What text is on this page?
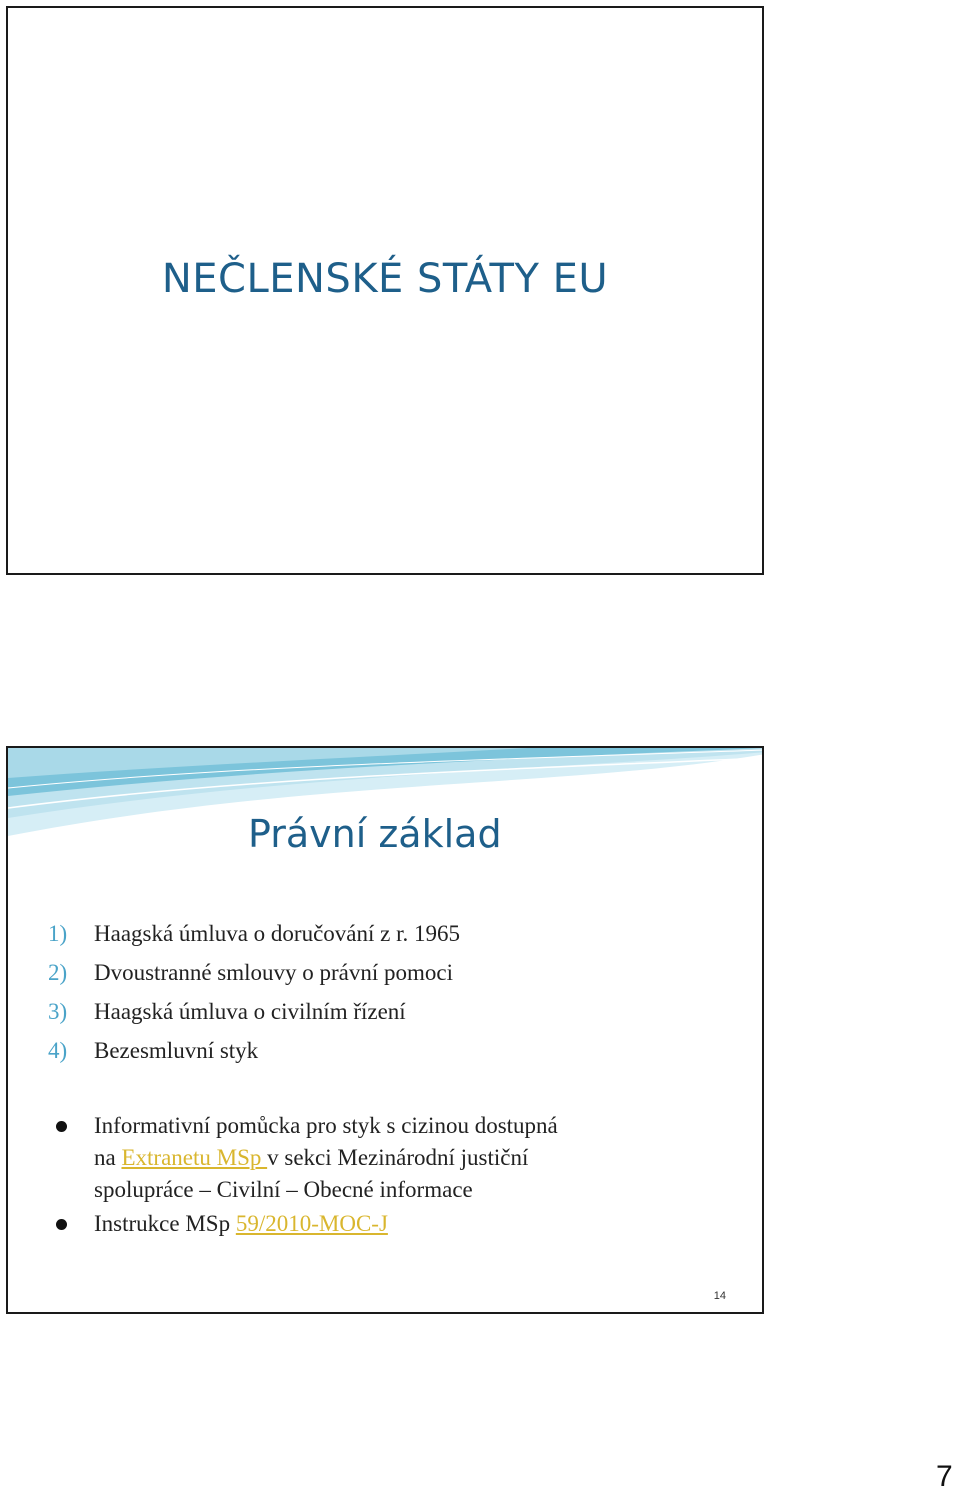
NEČLENSKÉ STÁTY EU
Právní základ
1) Haagská úmluva o doručování z r. 1965
2) Dvoustranné smlouvy o právní pomoci
3) Haagská úmluva o civilním řízení
4) Bezesmluvní styk
Informativní pomůcka pro styk s cizinou dostupná
na Extranetu MSp v sekci Mezinárodní justiční
spolupráce – Civilní – Obecné informace
Instrukce MSp 59/2010-MOC-J
14
7
